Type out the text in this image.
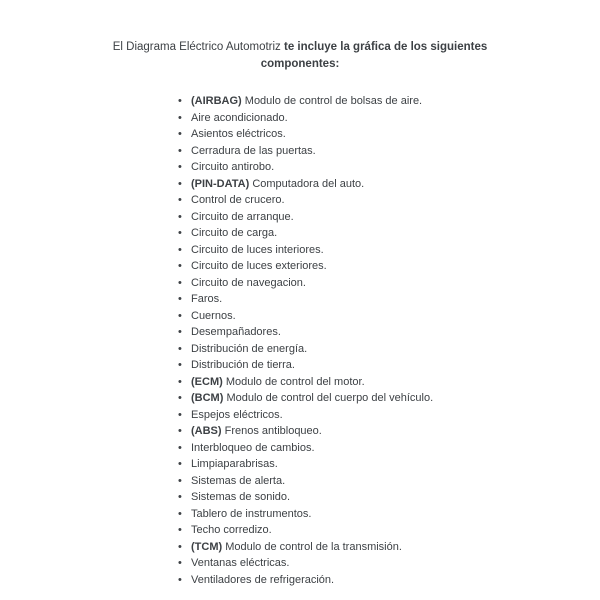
El Diagrama Eléctrico Automotriz te incluye la gráfica de los siguientes componentes:
• (AIRBAG) Modulo de control de bolsas de aire.
• Aire acondicionado.
• Asientos eléctricos.
• Cerradura de las puertas.
• Circuito antirobo.
• (PIN-DATA) Computadora del auto.
• Control de crucero.
• Circuito de arranque.
• Circuito de carga.
• Circuito de luces interiores.
• Circuito de luces exteriores.
• Circuito de navegacion.
• Faros.
• Cuernos.
• Desempañadores.
• Distribución de energía.
• Distribución de tierra.
• (ECM) Modulo de control del motor.
• (BCM) Modulo de control del cuerpo del vehículo.
• Espejos eléctricos.
• (ABS) Frenos antibloqueo.
• Interbloqueo de cambios.
• Limpiaparabrisas.
• Sistemas de alerta.
• Sistemas de sonido.
• Tablero de instrumentos.
• Techo corredizo.
• (TCM) Modulo de control de la transmisión.
• Ventanas eléctricas.
• Ventiladores de refrigeración.
